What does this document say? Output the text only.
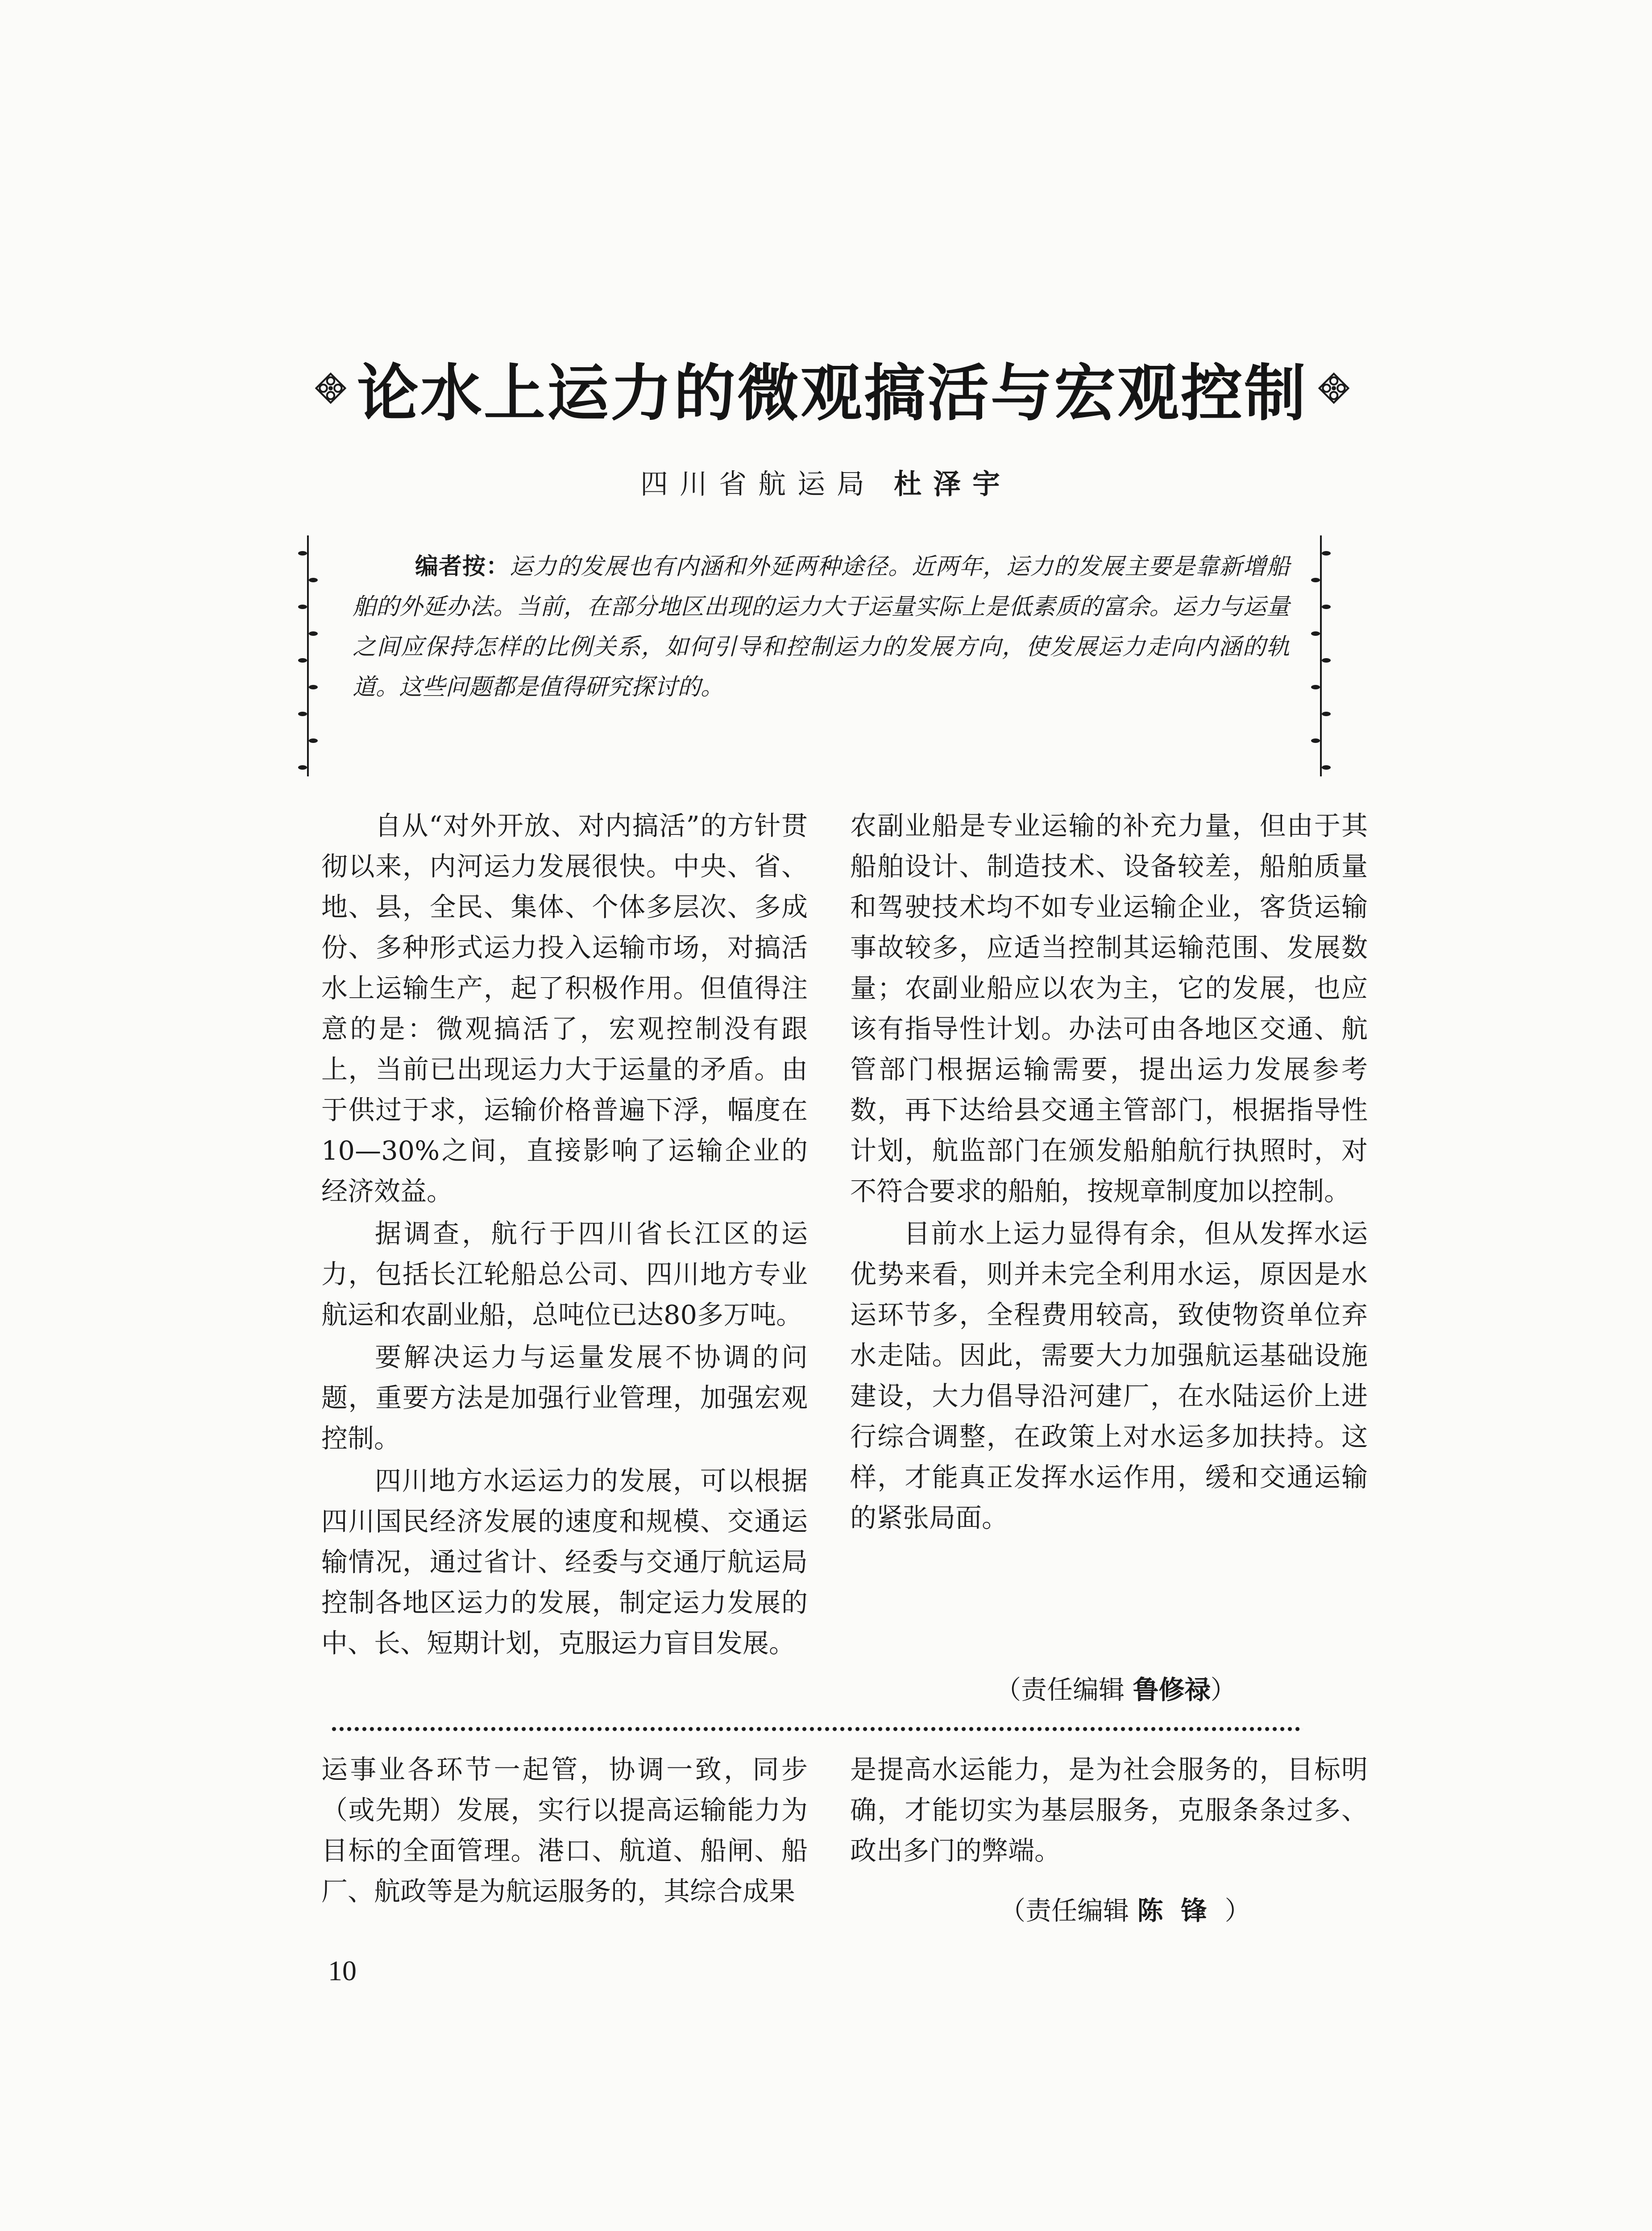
论水上运力的微观搞活与宏观控制
四川省航运局 杜泽宇
编者按：运力的发展也有内涵和外延两种途径。近两年，运力的发展主要是靠新增船舶的外延办法。当前，在部分地区出现的运力大于运量实际上是低素质的富余。运力与运量之间应保持怎样的比例关系，如何引导和控制运力的发展方向，使发展运力走向内涵的轨道。这些问题都是值得研究探讨的。

自从“对外开放、对内搞活”的方针贯彻以来，内河运力发展很快。中央、省、地、县，全民、集体、个体多层次、多成份、多种形式运力投入运输市场，对搞活水上运输生产，起了积极作用。但值得注意的是：微观搞活了，宏观控制没有跟上，当前已出现运力大于运量的矛盾。由于供过于求，运输价格普遍下浮，幅度在10—30%之间，直接影响了运输企业的经济效益。

据调查，航行于四川省长江区的运力，包括长江轮船总公司、四川地方专业航运和农副业船，总吨位已达80多万吨。

要解决运力与运量发展不协调的问题，重要方法是加强行业管理，加强宏观控制。

四川地方水运运力的发展，可以根据四川国民经济发展的速度和规模、交通运输情况，通过省计、经委与交通厅航运局控制各地区运力的发展，制定运力发展的中、长、短期计划，克服运力盲目发展。

农副业船是专业运输的补充力量，但由于其船舶设计、制造技术、设备较差，船舶质量和驾驶技术均不如专业运输企业，客货运输事故较多，应适当控制其运输范围、发展数量；农副业船应以农为主，它的发展，也应该有指导性计划。办法可由各地区交通、航管部门根据运输需要，提出运力发展参考数，再下达给县交通主管部门，根据指导性计划，航监部门在颁发船舶航行执照时，对不符合要求的船舶，按规章制度加以控制。

目前水上运力显得有余，但从发挥水运优势来看，则并未完全利用水运，原因是水运环节多，全程费用较高，致使物资单位弃水走陆。因此，需要大力加强航运基础设施建设，大力倡导沿河建厂，在水陆运价上进行综合调整，在政策上对水运多加扶持。这样，才能真正发挥水运作用，缓和交通运输的紧张局面。

（责任编辑 鲁修禄）

运事业各环节一起管，协调一致，同步（或先期）发展，实行以提高运输能力为目标的全面管理。港口、航道、船闸、船厂、航政等是为航运服务的，其综合成果

是提高水运能力，是为社会服务的，目标明确，才能切实为基层服务，克服条条过多、政出多门的弊端。

（责任编辑 陈锋）
10
